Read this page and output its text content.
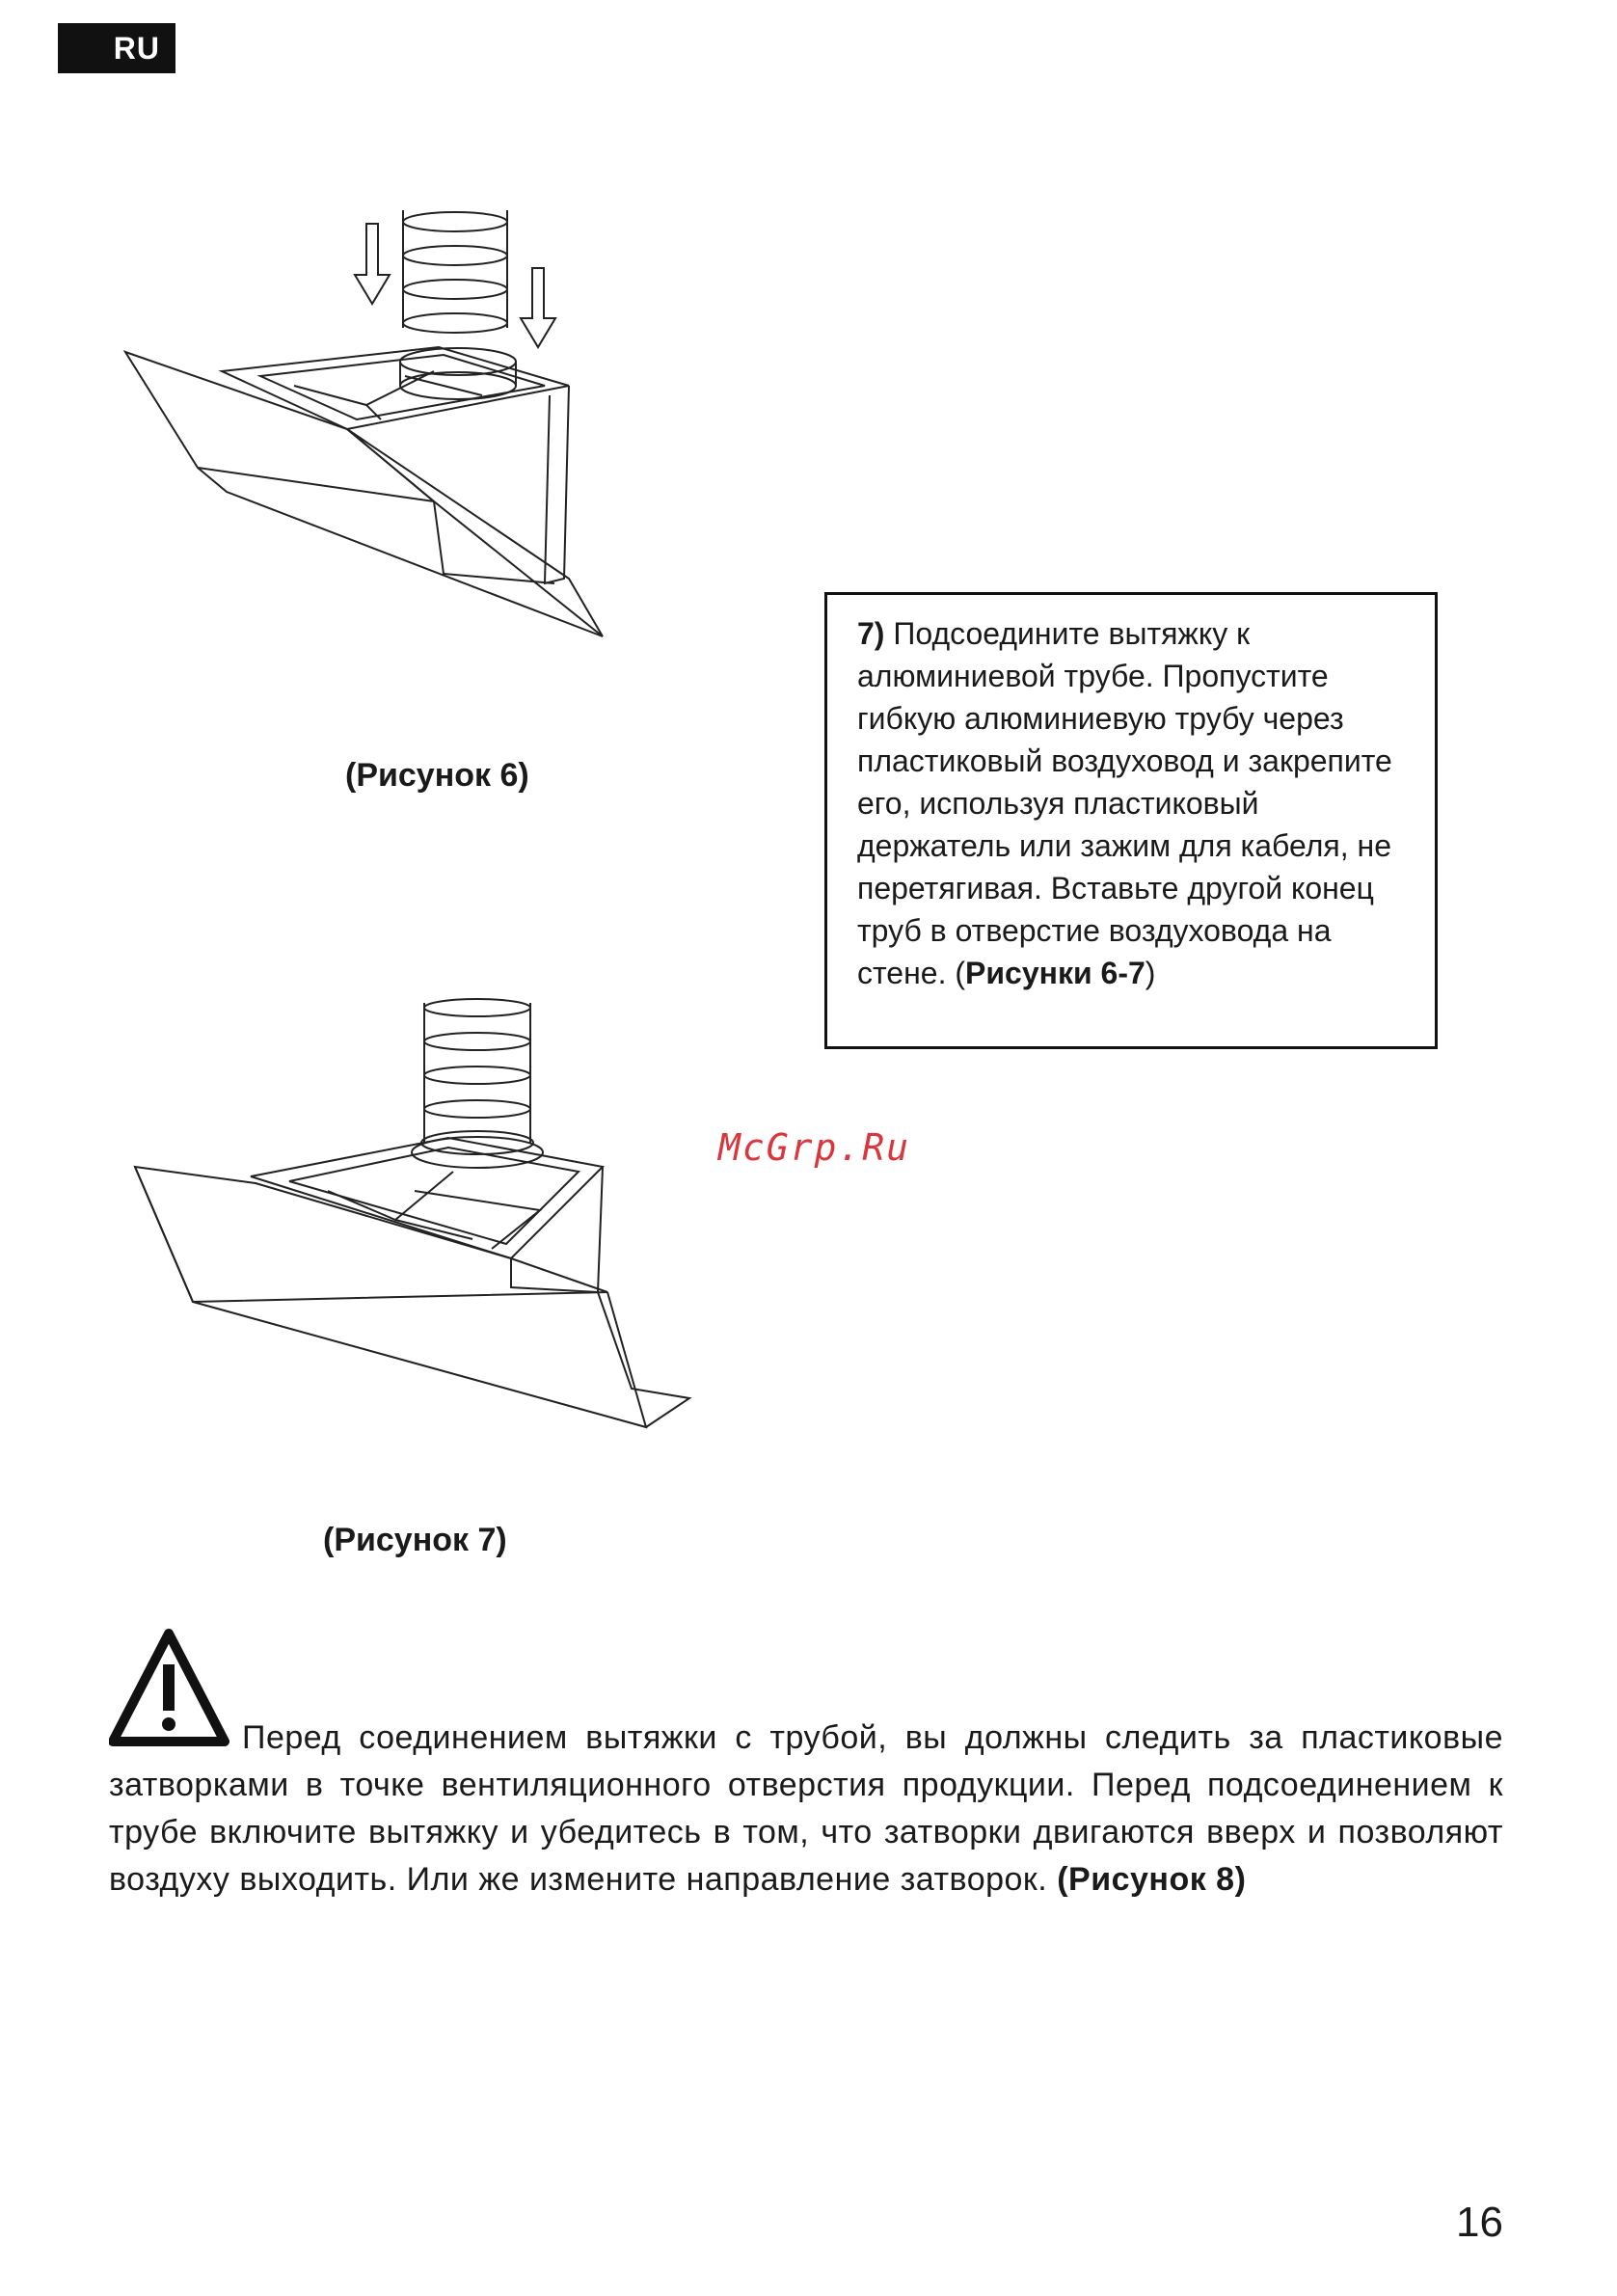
RU
(Рисунок 6)
7) Подсоедините вытяжку к алюминиевой трубе. Пропустите гибкую алюминиевую трубу через пластиковый воздуховод и закрепите его, используя пластиковый держатель или зажим для кабеля, не перетягивая. Вставьте другой конец труб в отверстие воздуховода на стене. (Рисунки 6-7)
McGrp.Ru
(Рисунок 7)
Перед соединением вытяжки с трубой, вы должны следить за пластиковые затворками в точке вентиляционного отверстия продукции. Перед подсоединением к трубе включите вытяжку и убедитесь в том, что затворки двигаются вверх и позволяют воздуху выходить. Или же измените направление затворок. (Рисунок 8)
16
